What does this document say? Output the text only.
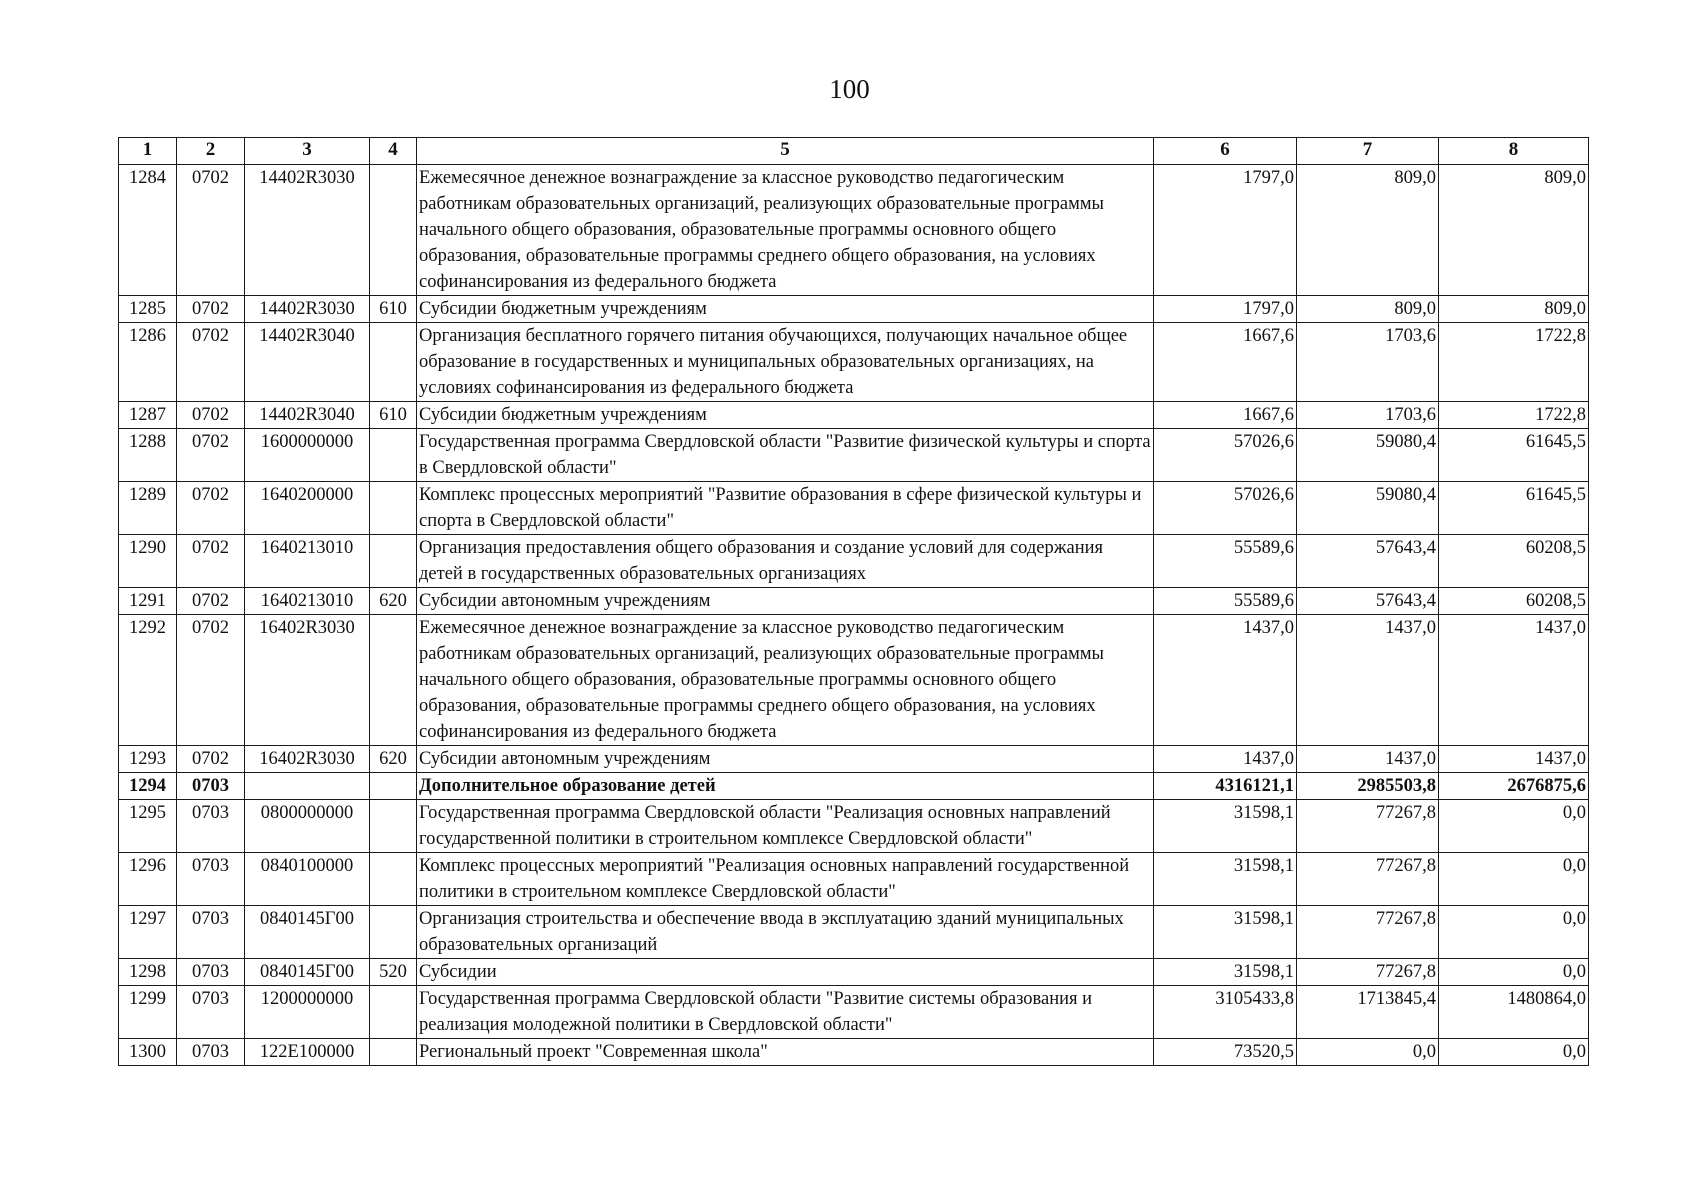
100
1	2	3	4	5	6	7	8
1284	0702	14402R3030		Ежемесячное денежное вознаграждение за классное руководство педагогическим работникам образовательных организаций, реализующих образовательные программы начального общего образования, образовательные программы основного общего образования, образовательные программы среднего общего образования, на условиях софинансирования из федерального бюджета	1797,0	809,0	809,0
1285	0702	14402R3030	610	Субсидии бюджетным учреждениям	1797,0	809,0	809,0
1286	0702	14402R3040		Организация бесплатного горячего питания обучающихся, получающих начальное общее образование в государственных и муниципальных образовательных организациях, на условиях софинансирования из федерального бюджета	1667,6	1703,6	1722,8
1287	0702	14402R3040	610	Субсидии бюджетным учреждениям	1667,6	1703,6	1722,8
1288	0702	1600000000		Государственная программа Свердловской области "Развитие физической культуры и спорта в Свердловской области"	57026,6	59080,4	61645,5
1289	0702	1640200000		Комплекс процессных мероприятий "Развитие образования в сфере физической культуры и спорта в Свердловской области"	57026,6	59080,4	61645,5
1290	0702	1640213010		Организация предоставления общего образования и создание условий для содержания детей в государственных образовательных организациях	55589,6	57643,4	60208,5
1291	0702	1640213010	620	Субсидии автономным учреждениям	55589,6	57643,4	60208,5
1292	0702	16402R3030		Ежемесячное денежное вознаграждение за классное руководство педагогическим работникам образовательных организаций, реализующих образовательные программы начального общего образования, образовательные программы основного общего образования, образовательные программы среднего общего образования, на условиях софинансирования из федерального бюджета	1437,0	1437,0	1437,0
1293	0702	16402R3030	620	Субсидии автономным учреждениям	1437,0	1437,0	1437,0
1294	0703			Дополнительное образование детей	4316121,1	2985503,8	2676875,6
1295	0703	0800000000		Государственная программа Свердловской области "Реализация основных направлений государственной политики в строительном комплексе Свердловской области"	31598,1	77267,8	0,0
1296	0703	0840100000		Комплекс процессных мероприятий "Реализация основных направлений государственной политики в строительном комплексе Свердловской области"	31598,1	77267,8	0,0
1297	0703	0840145Г00		Организация строительства и обеспечение ввода в эксплуатацию зданий муниципальных образовательных организаций	31598,1	77267,8	0,0
1298	0703	0840145Г00	520	Субсидии	31598,1	77267,8	0,0
1299	0703	1200000000		Государственная программа Свердловской области "Развитие системы образования и реализация молодежной политики в Свердловской области"	3105433,8	1713845,4	1480864,0
1300	0703	122Е100000		Региональный проект "Современная школа"	73520,5	0,0	0,0
